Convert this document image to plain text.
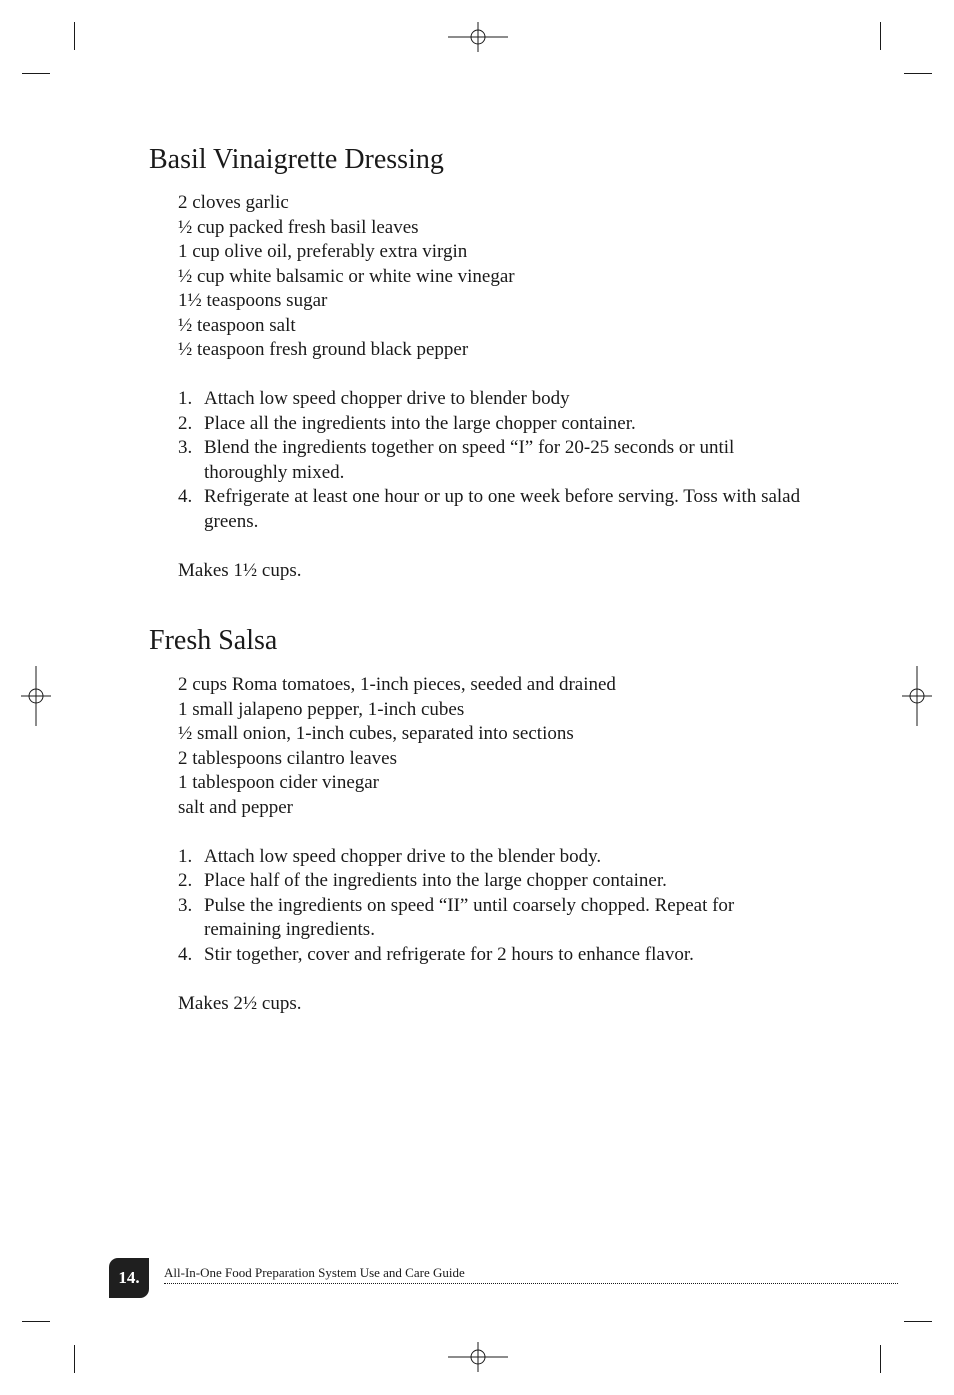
Basil Vinaigrette Dressing
2 cloves garlic
½ cup packed fresh basil leaves
1 cup olive oil, preferably extra virgin
½ cup white balsamic or white wine vinegar
1½ teaspoons sugar
½ teaspoon salt
½ teaspoon fresh ground black pepper
1. Attach low speed chopper drive to blender body
2. Place all the ingredients into the large chopper container.
3. Blend the ingredients together on speed “I” for 20-25 seconds or until thoroughly mixed.
4. Refrigerate at least one hour or up to one week before serving. Toss with salad greens.
Makes 1½ cups.
Fresh Salsa
2 cups Roma tomatoes, 1-inch pieces, seeded and drained
1 small jalapeno pepper, 1-inch cubes
½ small onion, 1-inch cubes, separated into sections
2 tablespoons cilantro leaves
1 tablespoon cider vinegar
salt and pepper
1. Attach low speed chopper drive to the blender body.
2. Place half of the ingredients into the large chopper container.
3. Pulse the ingredients on speed “II” until coarsely chopped. Repeat for remaining ingredients.
4. Stir together, cover and refrigerate for 2 hours to enhance flavor.
Makes 2½ cups.
14.	All-In-One Food Preparation System Use and Care Guide
